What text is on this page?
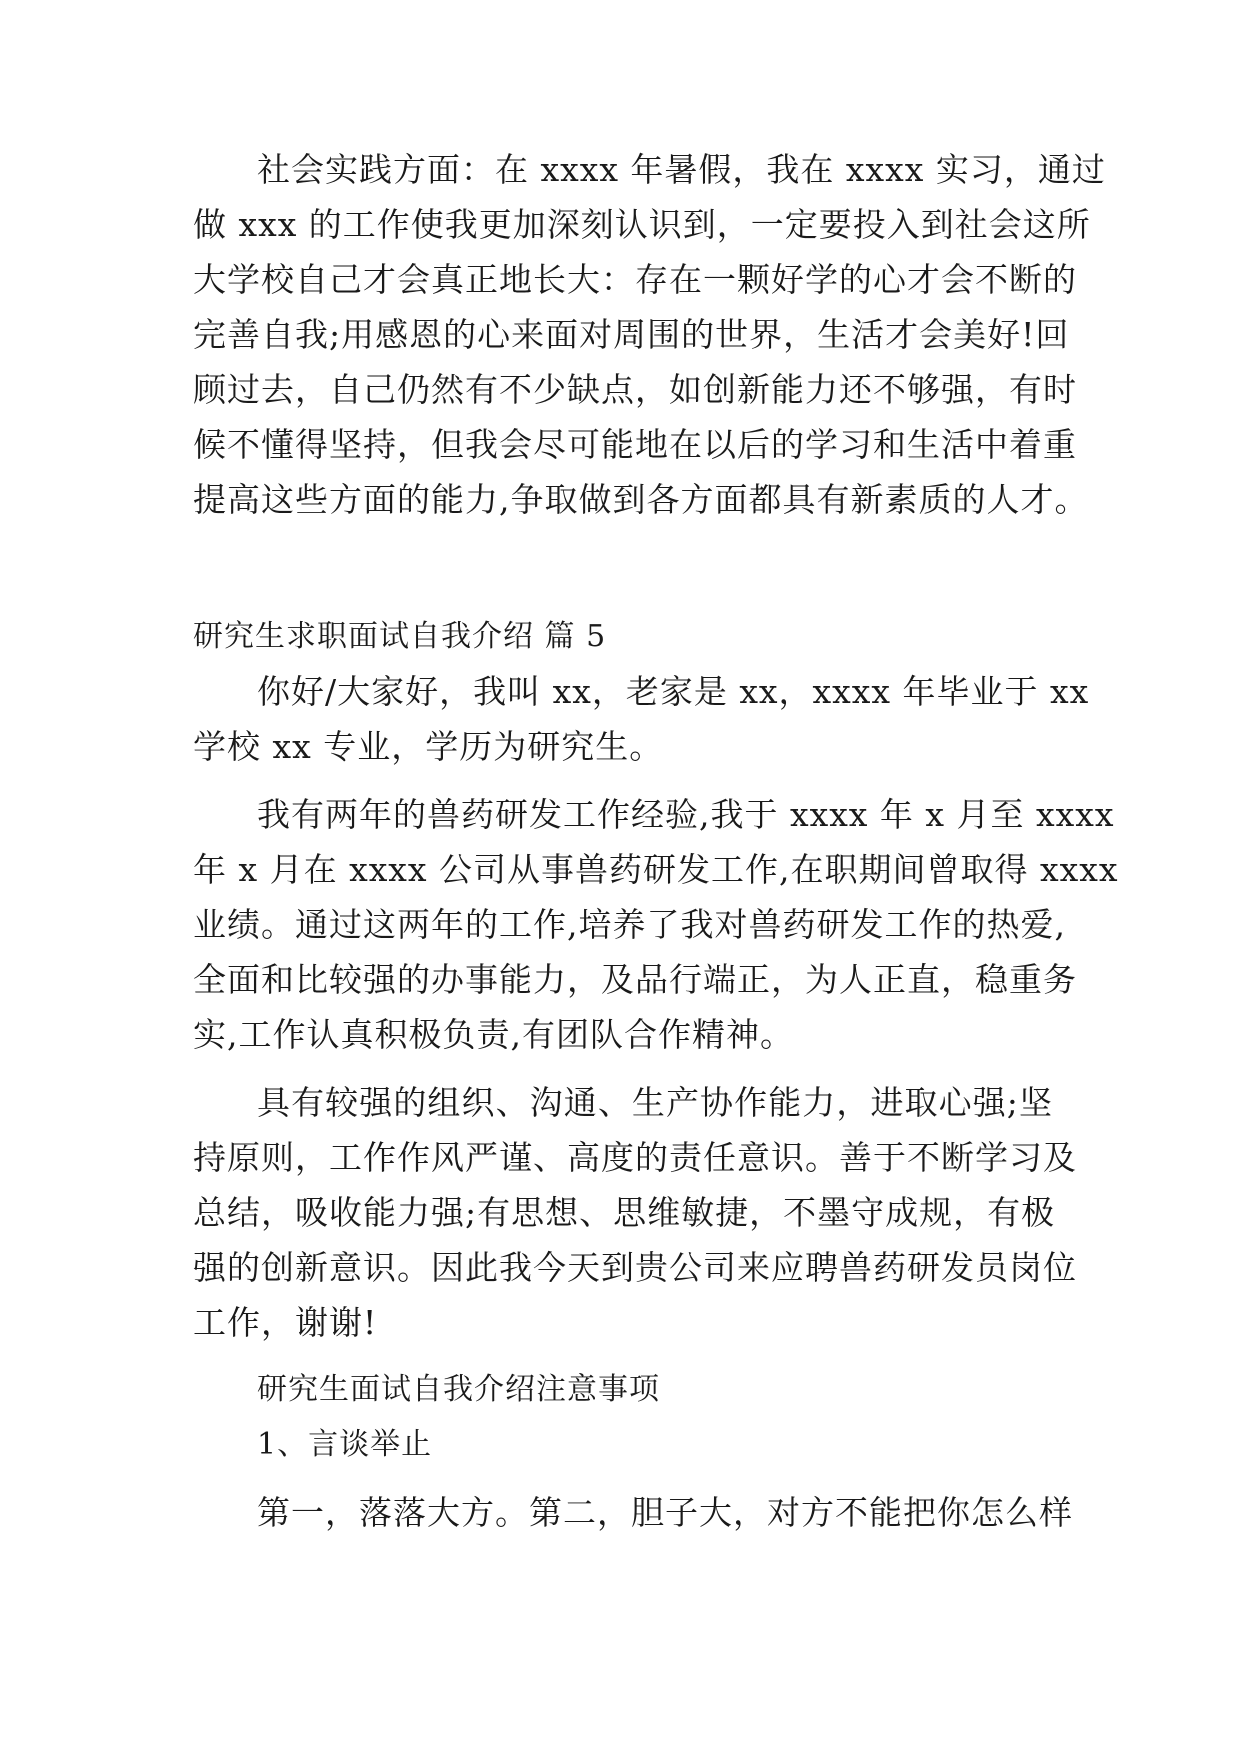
社会实践方面：在 xxxx 年暑假，我在 xxxx 实习，通过
做 xxx 的工作使我更加深刻认识到，一定要投入到社会这所
大学校自己才会真正地长大：存在一颗好学的心才会不断的
完善自我;用感恩的心来面对周围的世界，生活才会美好!回
顾过去，自己仍然有不少缺点，如创新能力还不够强，有时
候不懂得坚持，但我会尽可能地在以后的学习和生活中着重
提高这些方面的能力,争取做到各方面都具有新素质的人才。
研究生求职面试自我介绍 篇 5
你好/大家好，我叫 xx，老家是 xx，xxxx 年毕业于 xx
学校 xx 专业，学历为研究生。
我有两年的兽药研发工作经验,我于 xxxx 年 x 月至 xxxx
年 x 月在 xxxx 公司从事兽药研发工作,在职期间曾取得 xxxx
业绩。通过这两年的工作,培养了我对兽药研发工作的热爱,
全面和比较强的办事能力，及品行端正，为人正直，稳重务
实,工作认真积极负责,有团队合作精神。
具有较强的组织、沟通、生产协作能力，进取心强;坚
持原则，工作作风严谨、高度的责任意识。善于不断学习及
总结，吸收能力强;有思想、思维敏捷，不墨守成规，有极
强的创新意识。因此我今天到贵公司来应聘兽药研发员岗位
工作，谢谢!
研究生面试自我介绍注意事项
1、言谈举止
第一，落落大方。第二，胆子大，对方不能把你怎么样
